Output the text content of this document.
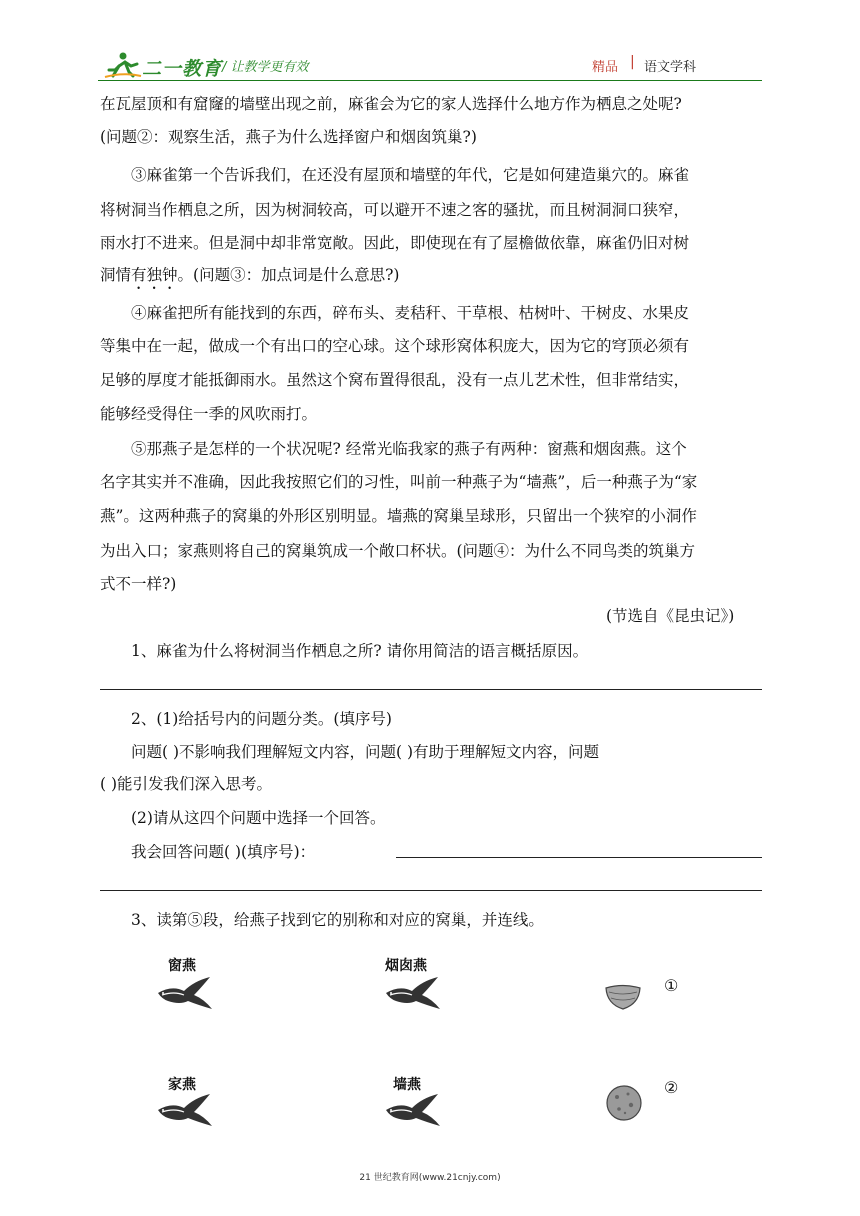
二一教育 / 让教学更有效	精品 | 语文学科
在瓦屋顶和有窟窿的墙壁出现之前，麻雀会为它的家人选择什么地方作为栖息之处呢?
(问题②：观察生活，燕子为什么选择窗户和烟囱筑巢?)
③麻雀第一个告诉我们，在还没有屋顶和墙壁的年代，它是如何建造巢穴的。麻雀
将树洞当作栖息之所，因为树洞较高，可以避开不速之客的骚扰，而且树洞洞口狭窄，
雨水打不进来。但是洞中却非常宽敞。因此，即使现在有了屋檐做依靠，麻雀仍旧对树
洞情有独钟。(问题③：加点词是什么意思?)
④麻雀把所有能找到的东西，碎布头、麦秸秆、干草根、枯树叶、干树皮、水果皮
等集中在一起，做成一个有出口的空心球。这个球形窝体积庞大，因为它的穹顶必须有
足够的厚度才能抵御雨水。虽然这个窝布置得很乱，没有一点儿艺术性，但非常结实，
能够经受得住一季的风吹雨打。
⑤那燕子是怎样的一个状况呢? 经常光临我家的燕子有两种：窗燕和烟囱燕。这个
名字其实并不准确，因此我按照它们的习性，叫前一种燕子为“墙燕”，后一种燕子为“家
燕”。这两种燕子的窝巢的外形区别明显。墙燕的窝巢呈球形，只留出一个狭窄的小洞作
为出入口；家燕则将自己的窝巢筑成一个敞口杯状。(问题④：为什么不同鸟类的筑巢方
式不一样?)
(节选自《昆虫记》)
1、麻雀为什么将树洞当作栖息之所? 请你用简洁的语言概括原因。
2、(1)给括号内的问题分类。(填序号)
问题( )不影响我们理解短文内容，问题( )有助于理解短文内容，问题
( )能引发我们深入思考。
(2)请从这四个问题中选择一个回答。
我会回答问题( )(填序号)：
3、读第⑤段，给燕子找到它的别称和对应的窝巢，并连线。
窗燕	烟囱燕
家燕	墙燕
①
②
21 世纪教育网(www.21cnjy.com)
